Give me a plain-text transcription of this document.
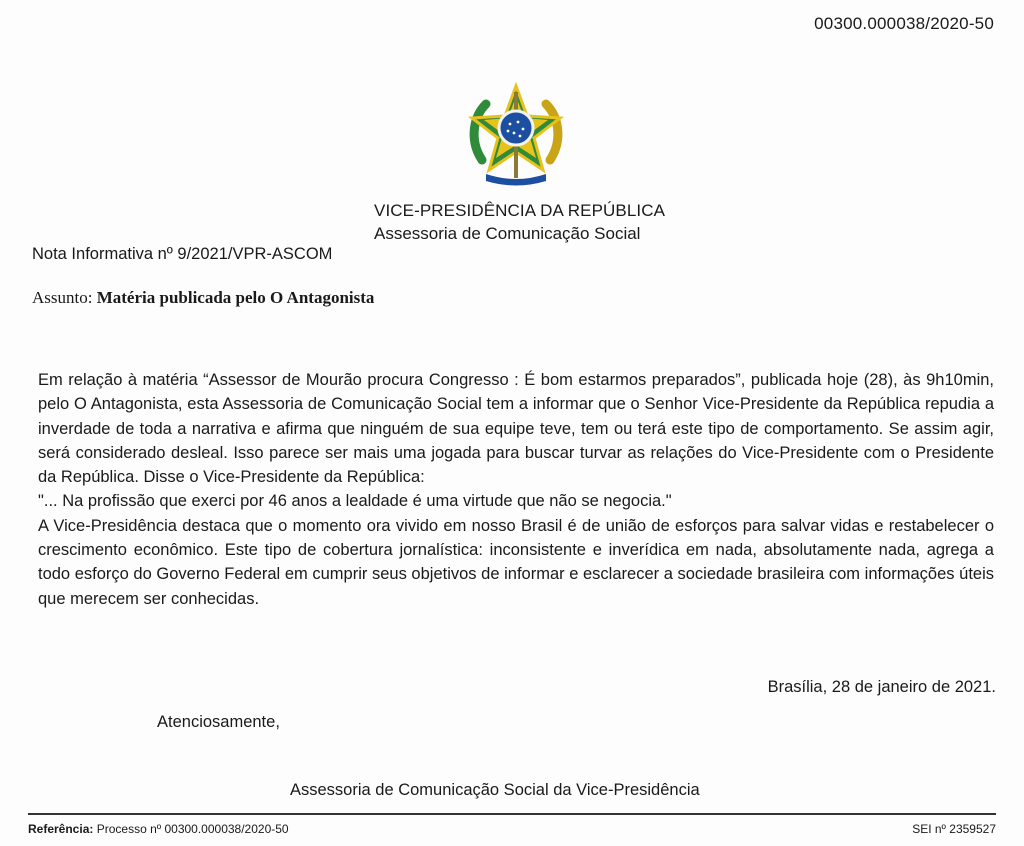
00300.000038/2020-50
VICE-PRESIDÊNCIA DA REPÚBLICA
Assessoria de Comunicação Social
Nota Informativa nº 9/2021/VPR-ASCOM
Assunto: Matéria publicada pelo O Antagonista

Em relação à matéria “Assessor de Mourão procura Congresso : É bom estarmos preparados”, publicada hoje (28), às 9h10min, pelo O Antagonista, esta Assessoria de Comunicação Social tem a informar que o Senhor Vice-Presidente da República repudia a inverdade de toda a narrativa e afirma que ninguém de sua equipe teve, tem ou terá este tipo de comportamento. Se assim agir, será considerado desleal. Isso parece ser mais uma jogada para buscar turvar as relações do Vice-Presidente com o Presidente da República. Disse o Vice-Presidente da República:

"... Na profissão que exerci por 46 anos a lealdade é uma virtude que não se negocia."

A Vice-Presidência destaca que o momento ora vivido em nosso Brasil é de união de esforços para salvar vidas e restabelecer o crescimento econômico. Este tipo de cobertura jornalística: inconsistente e inverídica em nada, absolutamente nada, agrega a todo esforço do Governo Federal em cumprir seus objetivos de informar e esclarecer a sociedade brasileira com informações úteis que merecem ser conhecidas.

Brasília, 28 de janeiro de 2021.
Atenciosamente,
Assessoria de Comunicação Social da Vice-Presidência
Referência: Processo nº 00300.000038/2020-50	SEI nº 2359527
